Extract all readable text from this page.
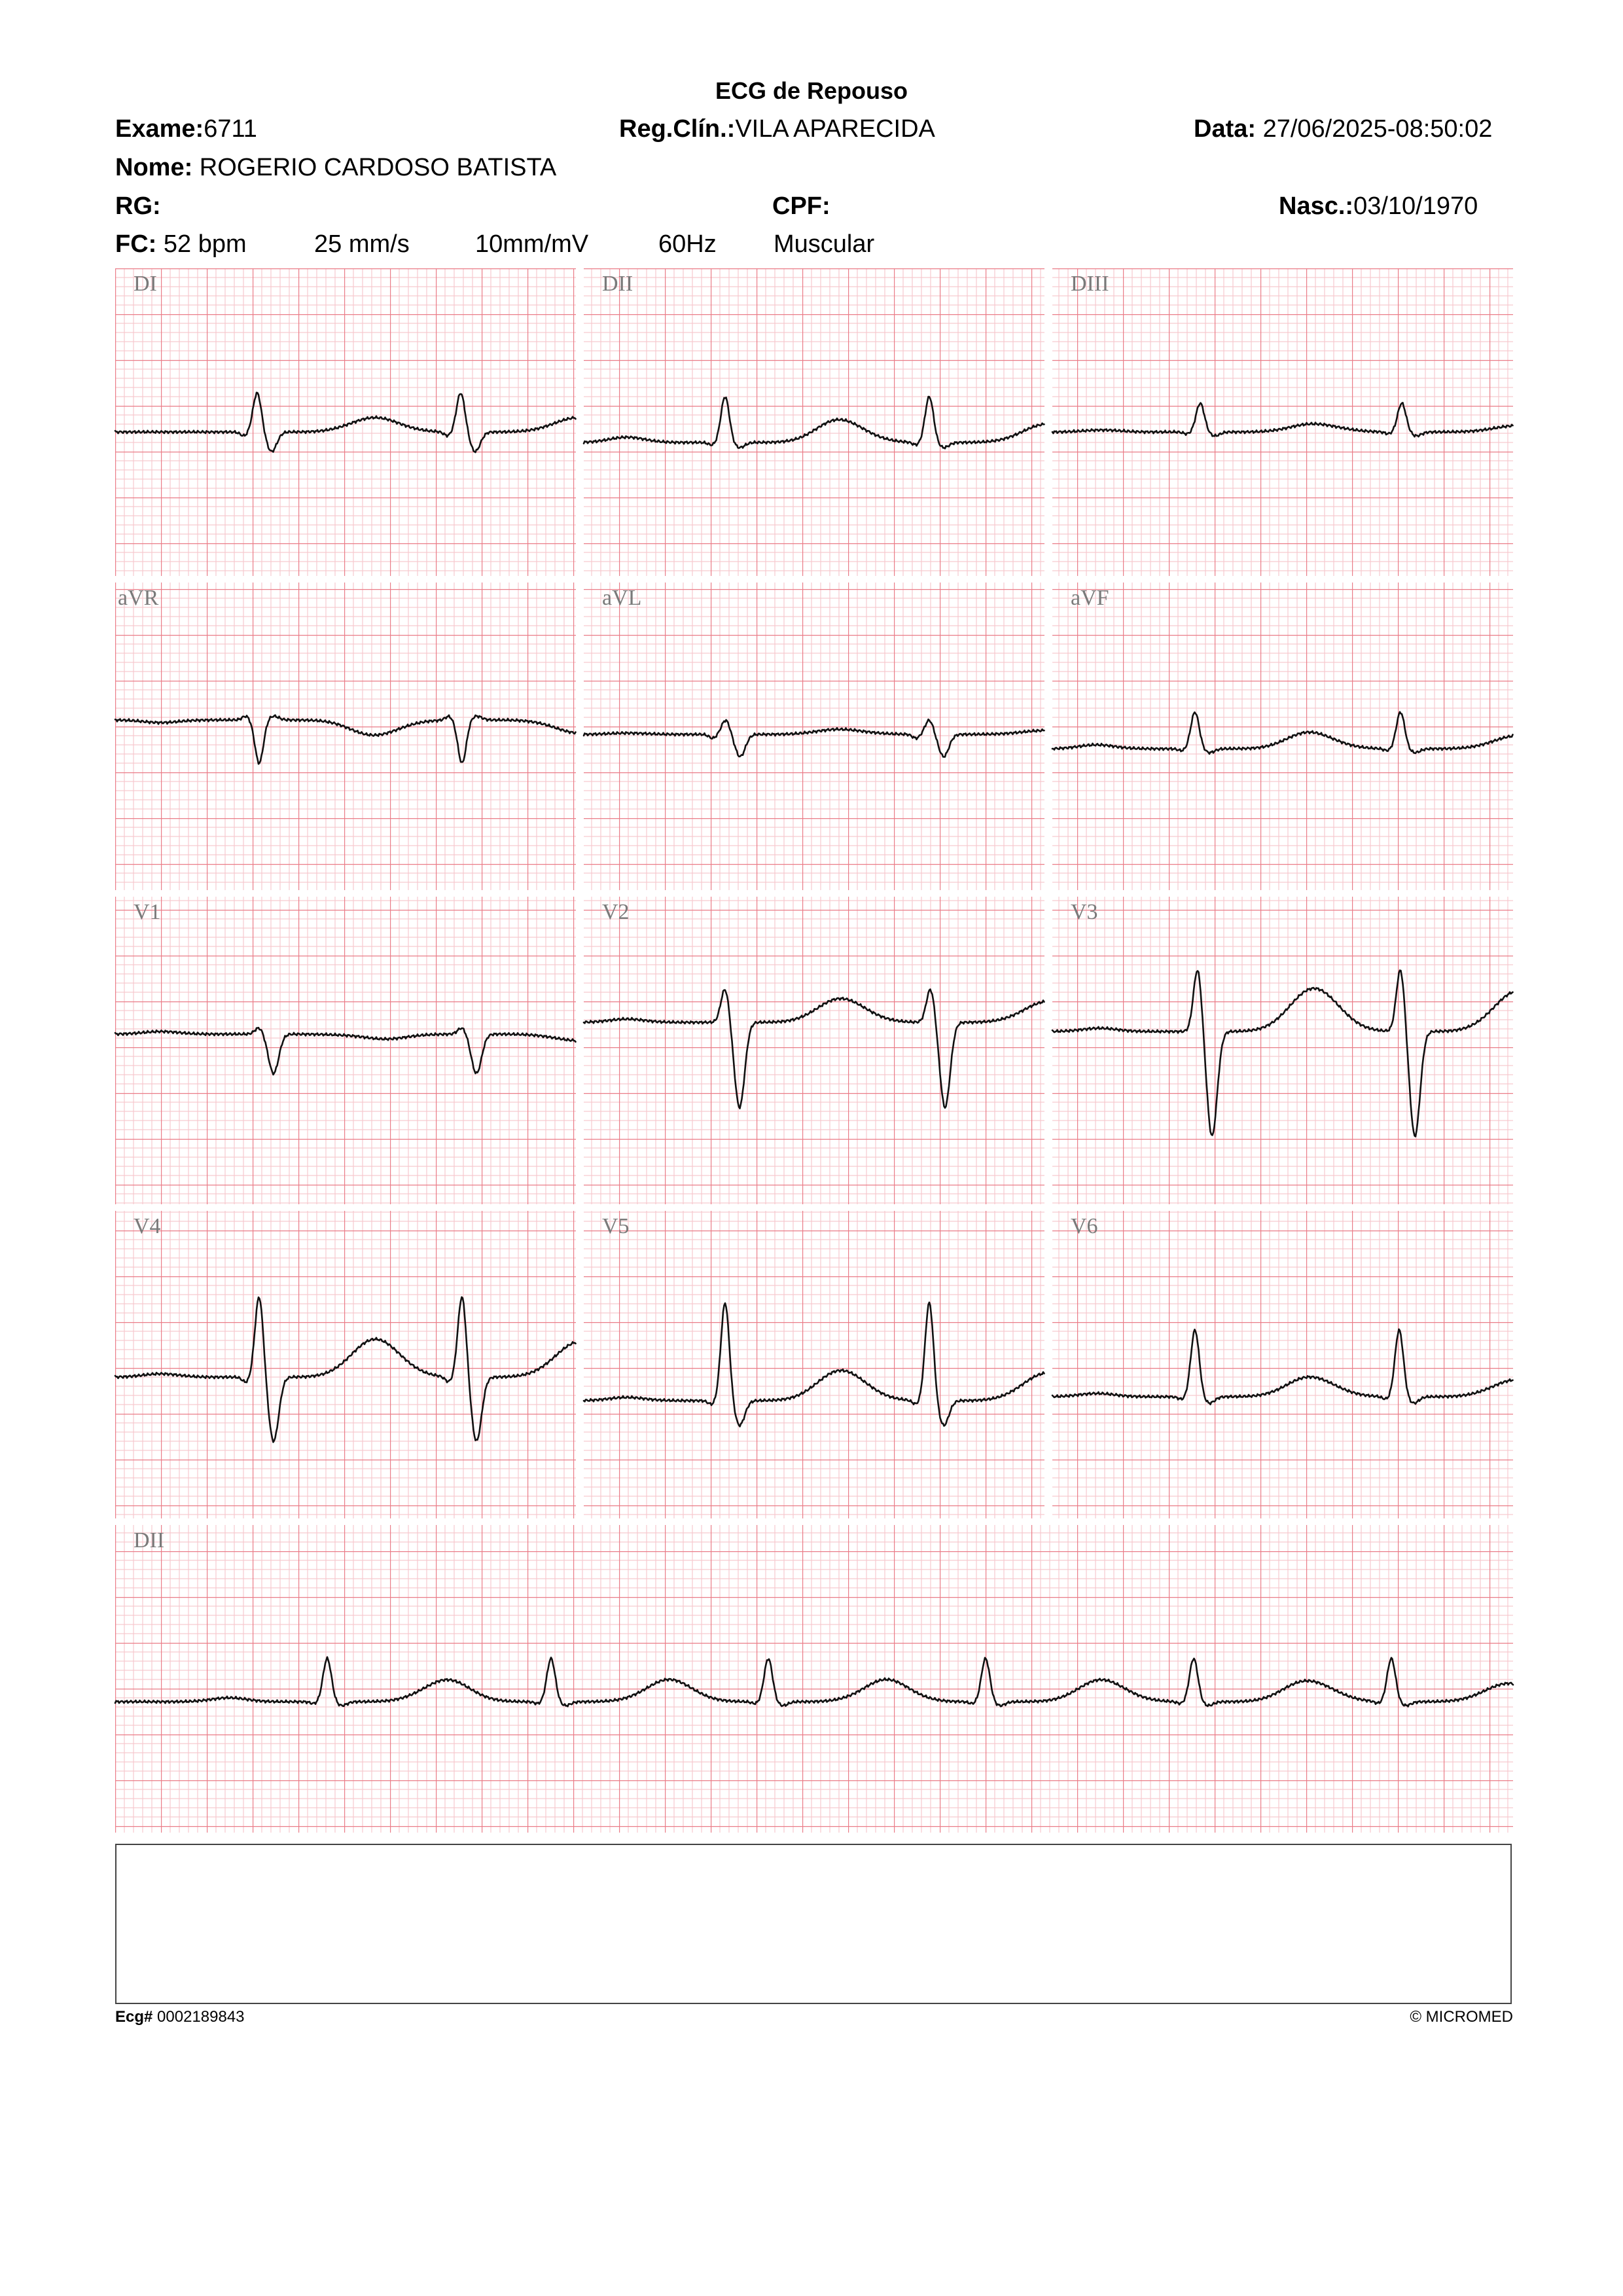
ECG de Repouso
Exame:6711	Reg.Clín.:VILA APARECIDA	Data: 27/06/2025-08:50:02
Nome: ROGERIO CARDOSO BATISTA
RG:	CPF:	Nasc.:03/10/1970
FC: 52 bpm	25 mm/s	10mm/mV	60Hz Muscular
DI	DII	DIII
aVR	aVL	aVF
V1	V2	V3
V4	V5	V6
DII
Ecg# 0002189843	© MICROMED
